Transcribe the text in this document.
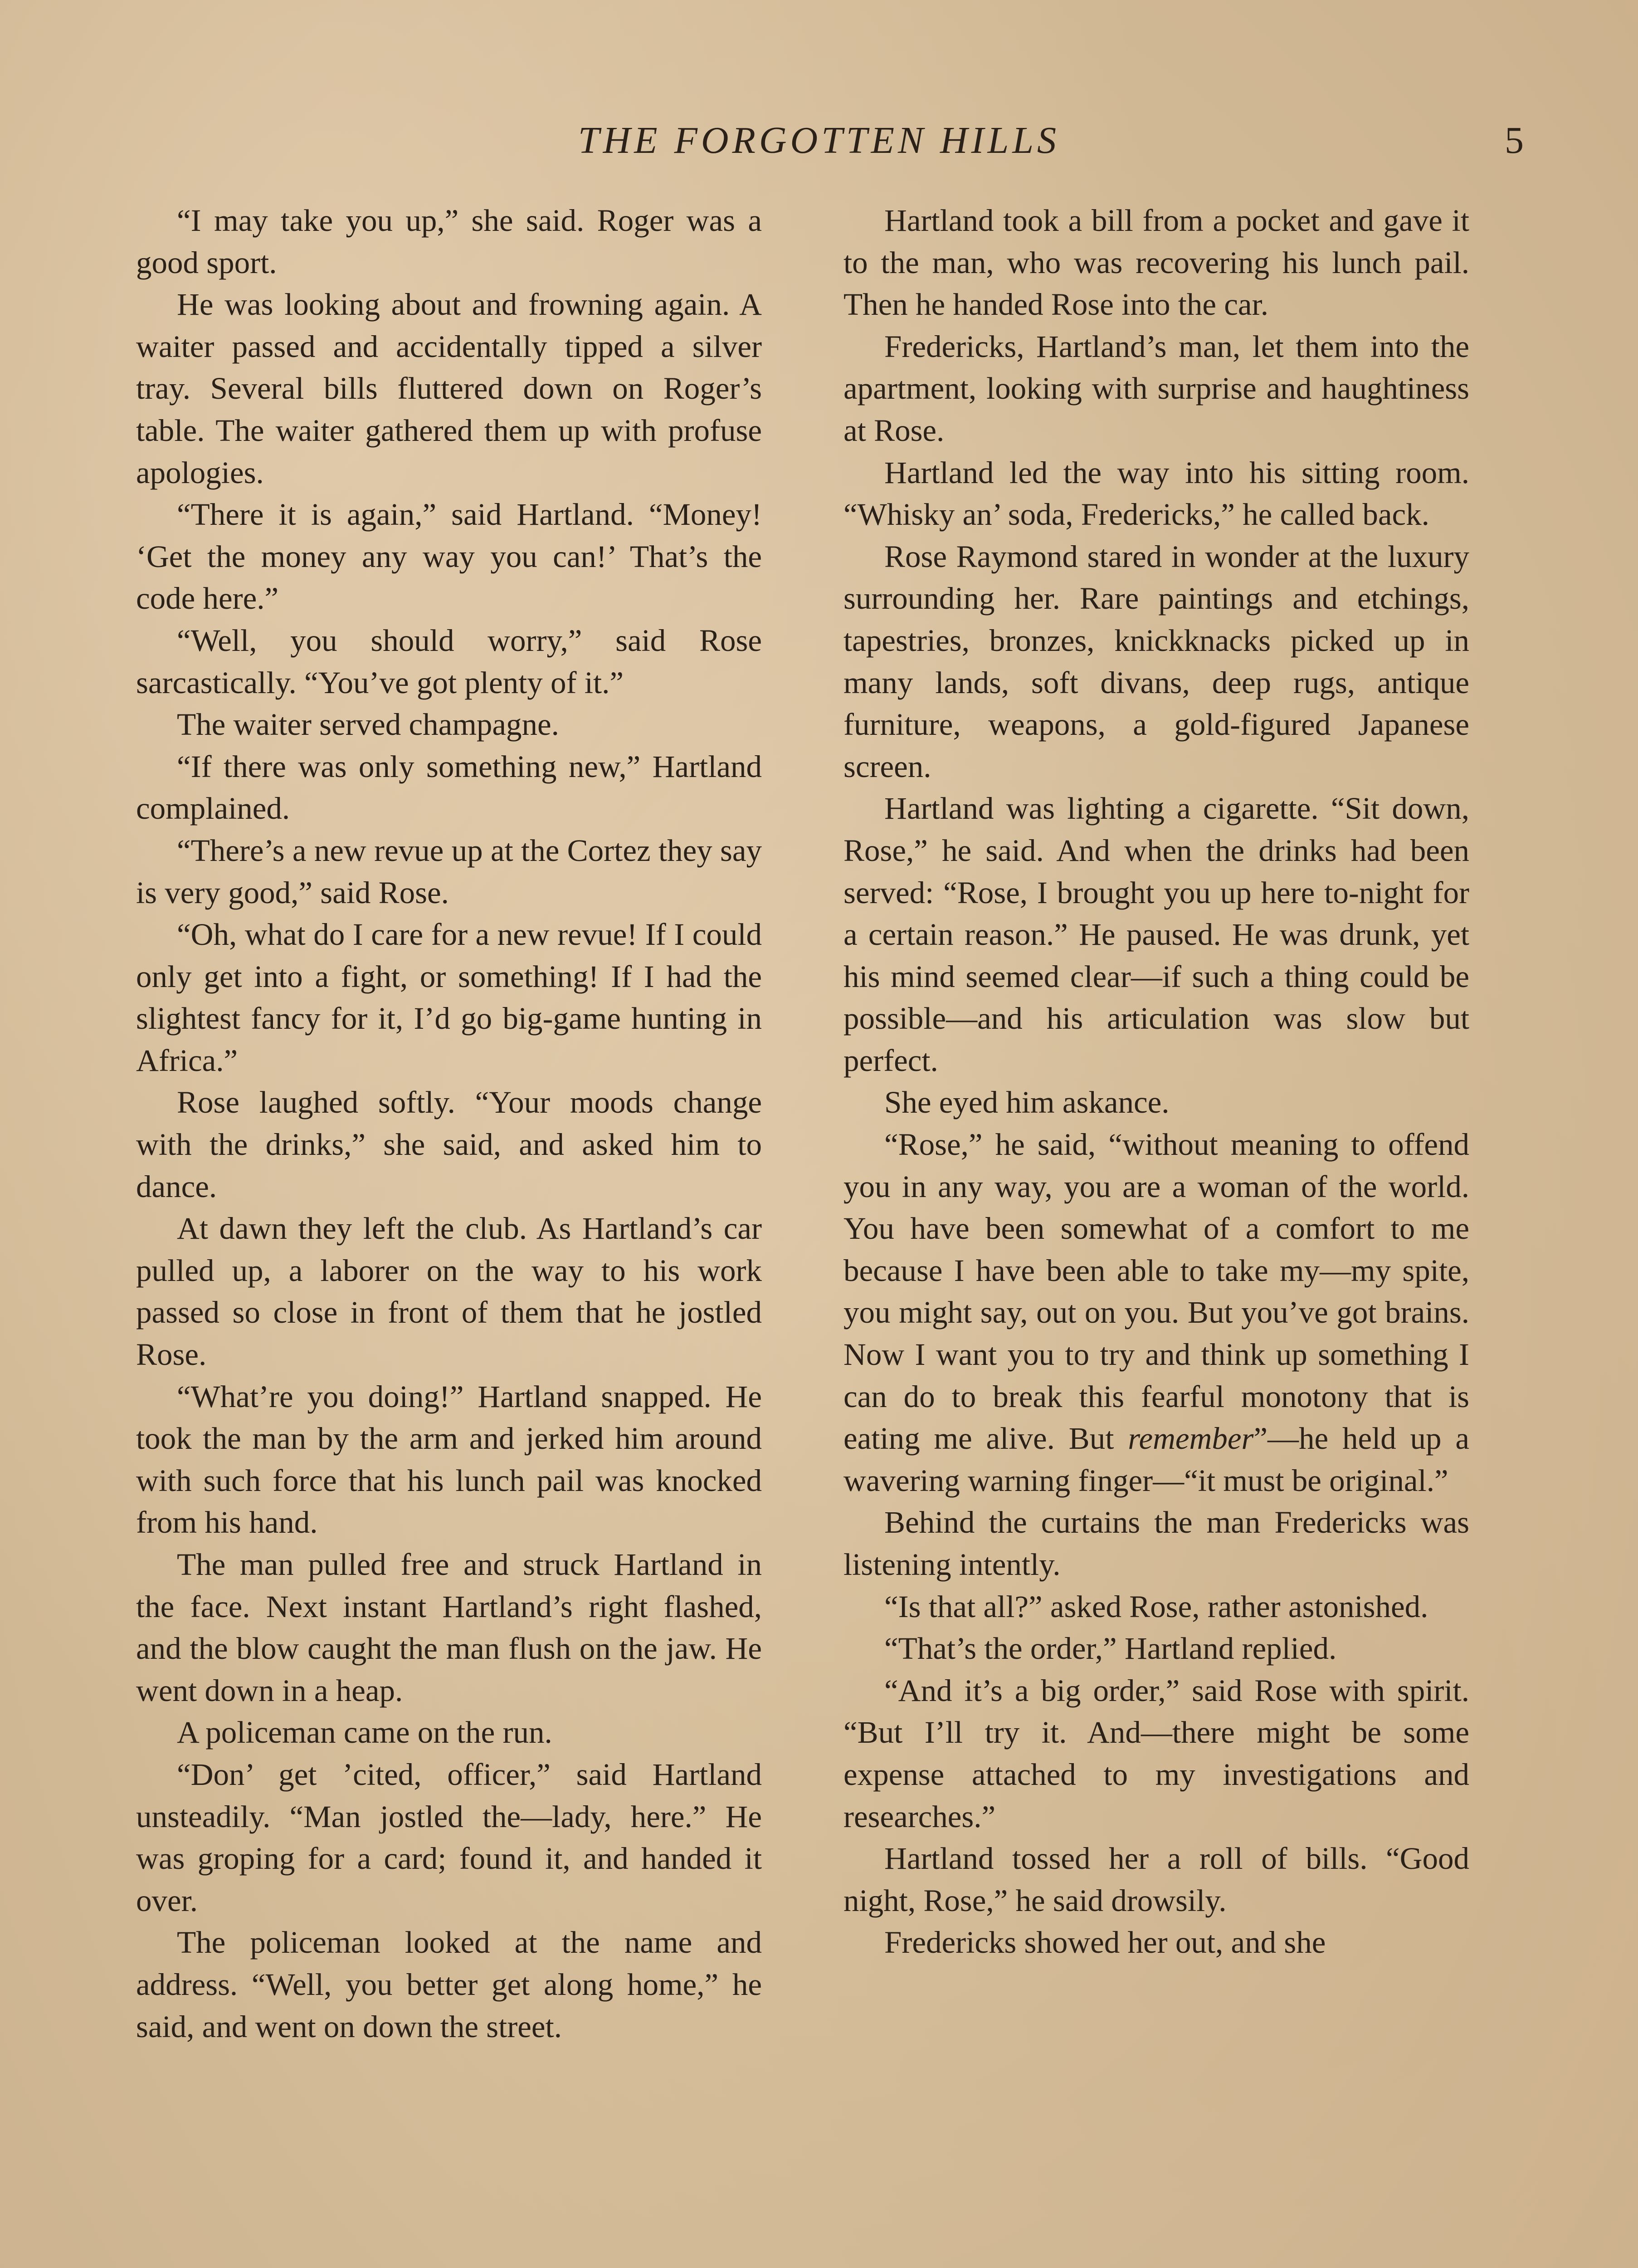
THE FORGOTTEN HILLS	5

“I may take you up,” she said. Roger was a good sport.

He was looking about and frowning again. A waiter passed and accidentally tipped a silver tray. Several bills fluttered down on Roger’s table. The waiter gathered them up with profuse apologies.

“There it is again,” said Hartland. “Money! ‘Get the money any way you can!’ That’s the code here.”

“Well, you should worry,” said Rose sarcastically. “You’ve got plenty of it.”

The waiter served champagne.

“If there was only something new,” Hartland complained.

“There’s a new revue up at the Cortez they say is very good,” said Rose.

“Oh, what do I care for a new revue! If I could only get into a fight, or something! If I had the slightest fancy for it, I’d go big-game hunting in Africa.”

Rose laughed softly. “Your moods change with the drinks,” she said, and asked him to dance.

At dawn they left the club. As Hartland’s car pulled up, a laborer on the way to his work passed so close in front of them that he jostled Rose.

“What’re you doing!” Hartland snapped. He took the man by the arm and jerked him around with such force that his lunch pail was knocked from his hand.

The man pulled free and struck Hartland in the face. Next instant Hartland’s right flashed, and the blow caught the man flush on the jaw. He went down in a heap.

A policeman came on the run.

“Don’ get ’cited, officer,” said Hartland unsteadily. “Man jostled the—lady, here.” He was groping for a card; found it, and handed it over.

The policeman looked at the name and address. “Well, you better get along home,” he said, and went on down the street.

Hartland took a bill from a pocket and gave it to the man, who was recovering his lunch pail. Then he handed Rose into the car.

Fredericks, Hartland’s man, let them into the apartment, looking with surprise and haughtiness at Rose.

Hartland led the way into his sitting room. “Whisky an’ soda, Fredericks,” he called back.

Rose Raymond stared in wonder at the luxury surrounding her. Rare paintings and etchings, tapestries, bronzes, knickknacks picked up in many lands, soft divans, deep rugs, antique furniture, weapons, a gold-figured Japanese screen.

Hartland was lighting a cigarette. “Sit down, Rose,” he said. And when the drinks had been served: “Rose, I brought you up here to-night for a certain reason.” He paused. He was drunk, yet his mind seemed clear—if such a thing could be possible—and his articulation was slow but perfect.

She eyed him askance.

“Rose,” he said, “without meaning to offend you in any way, you are a woman of the world. You have been somewhat of a comfort to me because I have been able to take my—my spite, you might say, out on you. But you’ve got brains. Now I want you to try and think up something I can do to break this fearful monotony that is eating me alive. But remember”—he held up a wavering warning finger—“it must be original.”

Behind the curtains the man Fredericks was listening intently.

“Is that all?” asked Rose, rather astonished.

“That’s the order,” Hartland replied.

“And it’s a big order,” said Rose with spirit. “But I’ll try it. And—there might be some expense attached to my investigations and researches.”

Hartland tossed her a roll of bills. “Good night, Rose,” he said drowsily.

Fredericks showed her out, and she
